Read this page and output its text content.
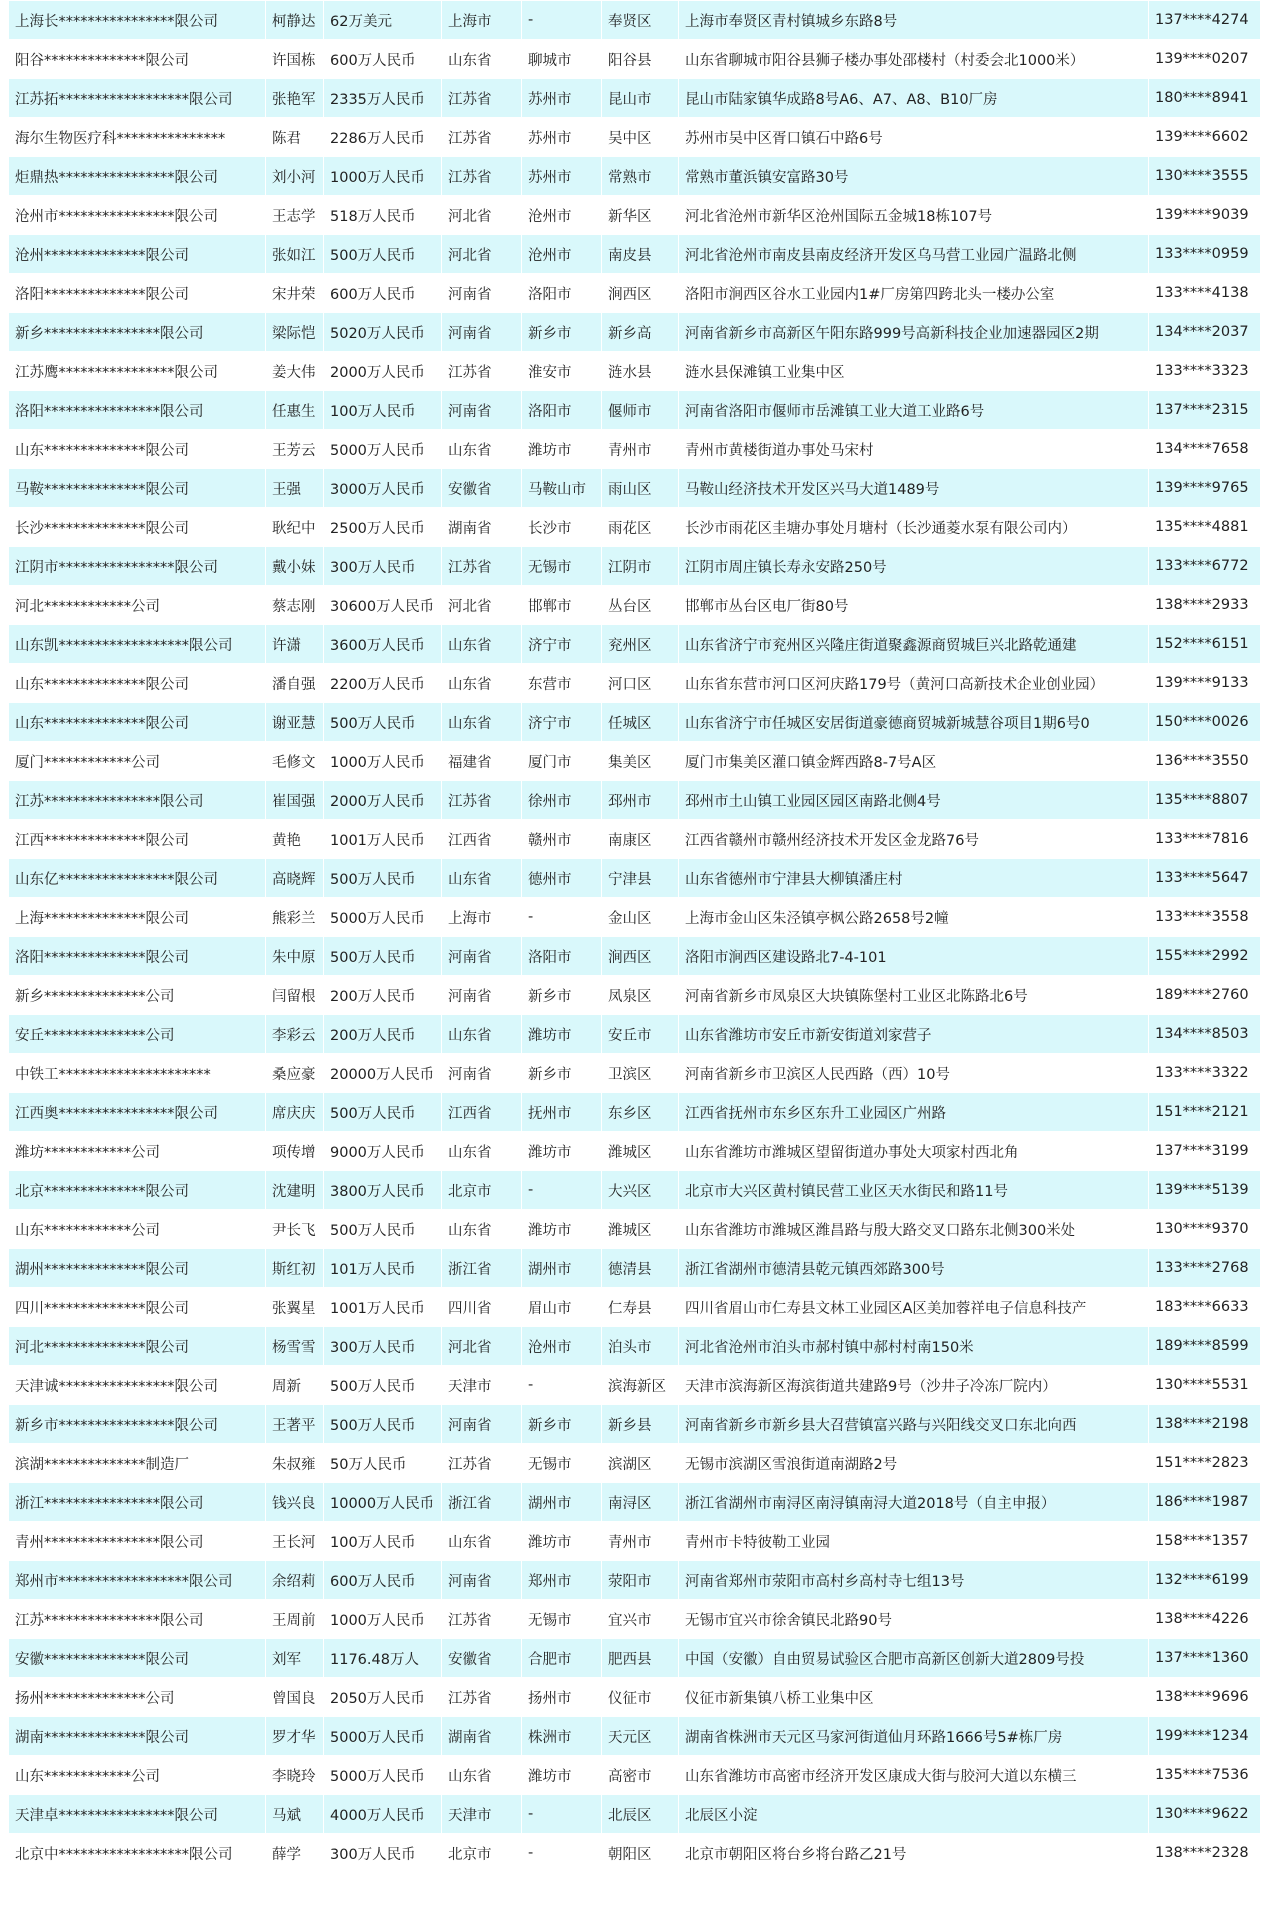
上海长****************限公司	柯静达	62万美元	上海市	-	奉贤区	上海市奉贤区青村镇城乡东路8号	137****4274
阳谷**************限公司	许国栋	600万人民币	山东省	聊城市	阳谷县	山东省聊城市阳谷县狮子楼办事处邵楼村（村委会北1000米）	139****0207
江苏拓******************限公司	张艳军	2335万人民币	江苏省	苏州市	昆山市	昆山市陆家镇华成路8号A6、A7、A8、B10厂房	180****8941
海尔生物医疗科***************	陈君	2286万人民币	江苏省	苏州市	吴中区	苏州市吴中区胥口镇石中路6号	139****6602
炬鼎热****************限公司	刘小河	1000万人民币	江苏省	苏州市	常熟市	常熟市董浜镇安富路30号	130****3555
沧州市****************限公司	王志学	518万人民币	河北省	沧州市	新华区	河北省沧州市新华区沧州国际五金城18栋107号	139****9039
沧州**************限公司	张如江	500万人民币	河北省	沧州市	南皮县	河北省沧州市南皮县南皮经济开发区乌马营工业园广温路北侧	133****0959
洛阳**************限公司	宋井荣	600万人民币	河南省	洛阳市	涧西区	洛阳市涧西区谷水工业园内1#厂房第四跨北头一楼办公室	133****4138
新乡****************限公司	梁际恺	5020万人民币	河南省	新乡市	新乡高	河南省新乡市高新区午阳东路999号高新科技企业加速器园区2期	134****2037
江苏鹰****************限公司	姜大伟	2000万人民币	江苏省	淮安市	涟水县	涟水县保滩镇工业集中区	133****3323
洛阳****************限公司	任惠生	100万人民币	河南省	洛阳市	偃师市	河南省洛阳市偃师市岳滩镇工业大道工业路6号	137****2315
山东**************限公司	王芳云	5000万人民币	山东省	潍坊市	青州市	青州市黄楼街道办事处马宋村	134****7658
马鞍**************限公司	王强	3000万人民币	安徽省	马鞍山市	雨山区	马鞍山经济技术开发区兴马大道1489号	139****9765
长沙**************限公司	耿纪中	2500万人民币	湖南省	长沙市	雨花区	长沙市雨花区圭塘办事处月塘村（长沙通菱水泵有限公司内）	135****4881
江阴市****************限公司	戴小妹	300万人民币	江苏省	无锡市	江阴市	江阴市周庄镇长寿永安路250号	133****6772
河北************公司	蔡志刚	30600万人民币	河北省	邯郸市	丛台区	邯郸市丛台区电厂街80号	138****2933
山东凯******************限公司	许潇	3600万人民币	山东省	济宁市	兖州区	山东省济宁市兖州区兴隆庄街道聚鑫源商贸城巨兴北路乾通建	152****6151
山东**************限公司	潘自强	2200万人民币	山东省	东营市	河口区	山东省东营市河口区河庆路179号（黄河口高新技术企业创业园）	139****9133
山东**************限公司	谢亚慧	500万人民币	山东省	济宁市	任城区	山东省济宁市任城区安居街道豪德商贸城新城慧谷项目1期6号0	150****0026
厦门************公司	毛修文	1000万人民币	福建省	厦门市	集美区	厦门市集美区灌口镇金辉西路8-7号A区	136****3550
江苏****************限公司	崔国强	2000万人民币	江苏省	徐州市	邳州市	邳州市土山镇工业园区园区南路北侧4号	135****8807
江西**************限公司	黄艳	1001万人民币	江西省	赣州市	南康区	江西省赣州市赣州经济技术开发区金龙路76号	133****7816
山东亿****************限公司	高晓辉	500万人民币	山东省	德州市	宁津县	山东省德州市宁津县大柳镇潘庄村	133****5647
上海**************限公司	熊彩兰	5000万人民币	上海市	-	金山区	上海市金山区朱泾镇亭枫公路2658号2幢	133****3558
洛阳**************限公司	朱中原	500万人民币	河南省	洛阳市	涧西区	洛阳市涧西区建设路北7-4-101	155****2992
新乡**************公司	闫留根	200万人民币	河南省	新乡市	凤泉区	河南省新乡市凤泉区大块镇陈堡村工业区北陈路北6号	189****2760
安丘**************公司	李彩云	200万人民币	山东省	潍坊市	安丘市	山东省潍坊市安丘市新安街道刘家营子	134****8503
中铁工*********************	桑应豪	20000万人民币	河南省	新乡市	卫滨区	河南省新乡市卫滨区人民西路（西）10号	133****3322
江西奥****************限公司	席庆庆	500万人民币	江西省	抚州市	东乡区	江西省抚州市东乡区东升工业园区广州路	151****2121
潍坊************公司	项传增	9000万人民币	山东省	潍坊市	潍城区	山东省潍坊市潍城区望留街道办事处大项家村西北角	137****3199
北京**************限公司	沈建明	3800万人民币	北京市	-	大兴区	北京市大兴区黄村镇民营工业区天水街民和路11号	139****5139
山东************公司	尹长飞	500万人民币	山东省	潍坊市	潍城区	山东省潍坊市潍城区潍昌路与殷大路交叉口路东北侧300米处	130****9370
湖州**************限公司	斯红初	101万人民币	浙江省	湖州市	德清县	浙江省湖州市德清县乾元镇西郊路300号	133****2768
四川**************限公司	张翼星	1001万人民币	四川省	眉山市	仁寿县	四川省眉山市仁寿县文林工业园区A区美加蓉祥电子信息科技产	183****6633
河北**************限公司	杨雪雪	300万人民币	河北省	沧州市	泊头市	河北省沧州市泊头市郝村镇中郝村村南150米	189****8599
天津诚****************限公司	周新	500万人民币	天津市	-	滨海新区	天津市滨海新区海滨街道共建路9号（沙井子冷冻厂院内）	130****5531
新乡市****************限公司	王著平	500万人民币	河南省	新乡市	新乡县	河南省新乡市新乡县大召营镇富兴路与兴阳线交叉口东北向西	138****2198
滨湖**************制造厂	朱叔雍	50万人民币	江苏省	无锡市	滨湖区	无锡市滨湖区雪浪街道南湖路2号	151****2823
浙江****************限公司	钱兴良	10000万人民币	浙江省	湖州市	南浔区	浙江省湖州市南浔区南浔镇南浔大道2018号（自主申报）	186****1987
青州****************限公司	王长河	100万人民币	山东省	潍坊市	青州市	青州市卡特彼勒工业园	158****1357
郑州市******************限公司	余绍莉	600万人民币	河南省	郑州市	荥阳市	河南省郑州市荥阳市高村乡高村寺七组13号	132****6199
江苏****************限公司	王周前	1000万人民币	江苏省	无锡市	宜兴市	无锡市宜兴市徐舍镇民北路90号	138****4226
安徽**************限公司	刘军	1176.48万人	安徽省	合肥市	肥西县	中国（安徽）自由贸易试验区合肥市高新区创新大道2809号投	137****1360
扬州**************公司	曾国良	2050万人民币	江苏省	扬州市	仪征市	仪征市新集镇八桥工业集中区	138****9696
湖南**************限公司	罗才华	5000万人民币	湖南省	株洲市	天元区	湖南省株洲市天元区马家河街道仙月环路1666号5#栋厂房	199****1234
山东************公司	李晓玲	5000万人民币	山东省	潍坊市	高密市	山东省潍坊市高密市经济开发区康成大街与胶河大道以东横三	135****7536
天津卓****************限公司	马斌	4000万人民币	天津市	-	北辰区	北辰区小淀	130****9622
北京中******************限公司	薛学	300万人民币	北京市	-	朝阳区	北京市朝阳区将台乡将台路乙21号	138****2328
